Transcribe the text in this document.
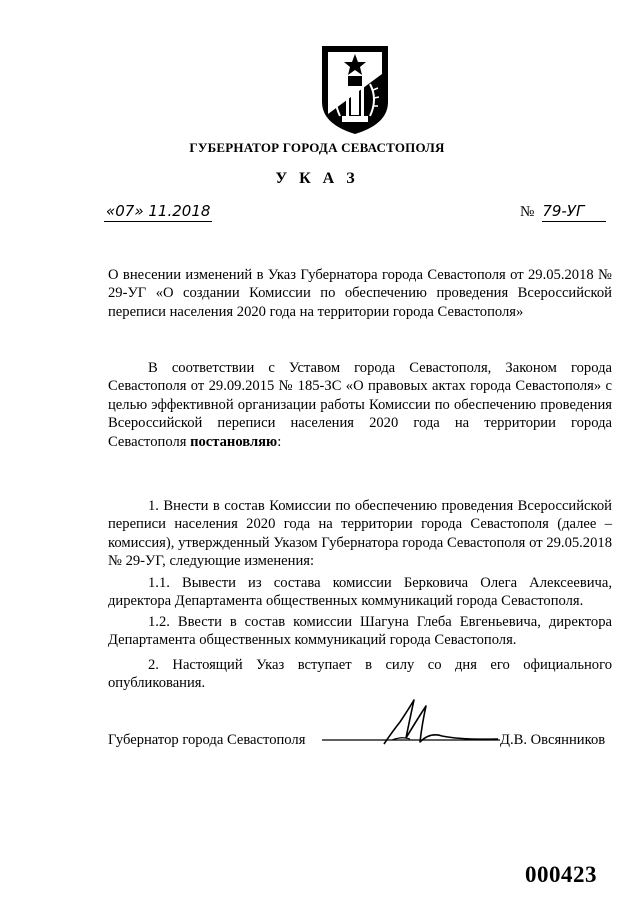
ГУБЕРНАТОР ГОРОДА СЕВАСТОПОЛЯ
У К А З
«07» 11.2018	№ 79-УГ
О внесении изменений в Указ Губернатора города Севастополя от 29.05.2018 № 29-УГ «О создании Комиссии по обеспечению проведения Всероссийской переписи населения 2020 года на территории города Севастополя»
В соответствии с Уставом города Севастополя, Законом города Севастополя от 29.09.2015 № 185-ЗС «О правовых актах города Севастополя» с целью эффективной организации работы Комиссии по обеспечению проведения Всероссийской переписи населения 2020 года на территории города Севастополя постановляю:
1. Внести в состав Комиссии по обеспечению проведения Всероссийской переписи населения 2020 года на территории города Севастополя (далее – комиссия), утвержденный Указом Губернатора города Севастополя от 29.05.2018 № 29-УГ, следующие изменения:
1.1. Вывести из состава комиссии Берковича Олега Алексеевича, директора Департамента общественных коммуникаций города Севастополя.
1.2. Ввести в состав комиссии Шагуна Глеба Евгеньевича, директора Департамента общественных коммуникаций города Севастополя.
2. Настоящий Указ вступает в силу со дня его официального опубликования.
Губернатор города Севастополя	Д.В. Овсянников
000423
